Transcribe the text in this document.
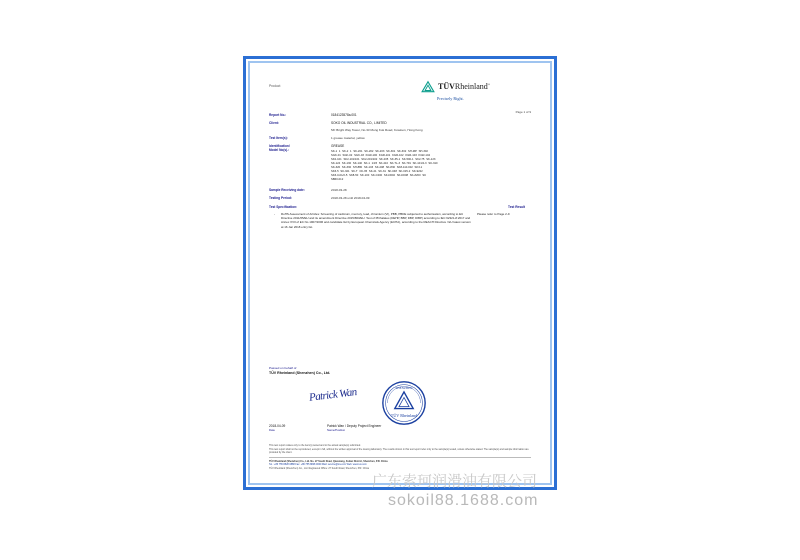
Product	TÜVRheinland®
Precisely Right.
Page 1 of 9
Report No.:	0184123578a.001
Client:	SOKO OIL INDUSTRIAL CO., LIMITED
5/F Bright Way Tower, No.33 Mong Kok Road, Kowloon, Hong Kong
Test Item(s):	1 grease material, yellow
Identification/
Model No(s).:
GREASE
SK-1 1 SK-2 1 SK-201 SK-202 SK-203 SK-301 SK-302 SH-MP SH-302
SGK-01 SGK-02 SGK-03 KGR-100 KGR-101 KGR-102 KGR-103 KGR-104
SK2-101 SK2-101/101 SK2-201/102 SK-205 SK-35-1 SK-500-1 SK2-75 SK-123
SK-124 SK-130 SK-140 SK-1 13/3 SK-410 SK-TL-3 SK-791 SK-101/2-3 SK-310
SK-320 SK-330 SH-880 SK-103 SK-208 SK-830 SK8-110-002 SK3-1
SK3-5 SK-321 SK-T CK-35 SK-21 SK-31 SK-048 SK-015-2 SK-9222
SK3-0-01/2-5 SK8-50 SK-100 SK-C200 SK-D002 SK-D008 SK-Z200 SK
SB60-012
Sample Receiving date:	2018-03-28
Testing Period:	2018-03-28 until 2018-04-09
Test Specification:	Test Result
- RoHS Assessment of Articles: Screening of cadmium, mercury, lead, chromium (VI), PBB, PBDE subjected to authorisation, according to EU Directive 2011/65/EU and its amendment Directive 2015/863/EU. Test of Phthalates (DEHP, BBP, DBP, DIBP) according to IEC 62321-8:2017 and Annex XVII of EC No 1907/2006 and candidate list by European Chemicals Agency (ECHA), according to the REACH Directive / EU latest version at 16 Jan 2018 entry list.
Please refer to Page 2-9
Passed on behalf of
TÜV Rheinland (Shenzhen) Co., Ltd.
Patrick Wan
TÜV Rheinland
SHENZHEN
2018-04-09
Date
Patrick Wan / Deputy Project Engineer
Name/Position
This test report relates only to the item(s) tested and to the actual sample(s) submitted.
This test report shall not be reproduced, except in full, without the written approval of the issuing laboratory. The results shown in this test report refer only to the sample(s) tested, unless otherwise stated. The sample(s) and sample information are provided by the client.
TÜV Rheinland (Shenzhen) Co., Ltd. No. 27 South Road, Qiaoxiang, Futian District, Shenzhen, P.R. China
Tel.: +86 755 8828 0888 Fax: +86 755 8828 0000 Mail: service@tuv.com Web: www.tuv.com
TÜV Rheinland (Shenzhen) Co., Ltd. Registered Office: 27 South Road, Shenzhen, P.R. China
广东索珂润滑油有限公司
sokoil88.1688.com
